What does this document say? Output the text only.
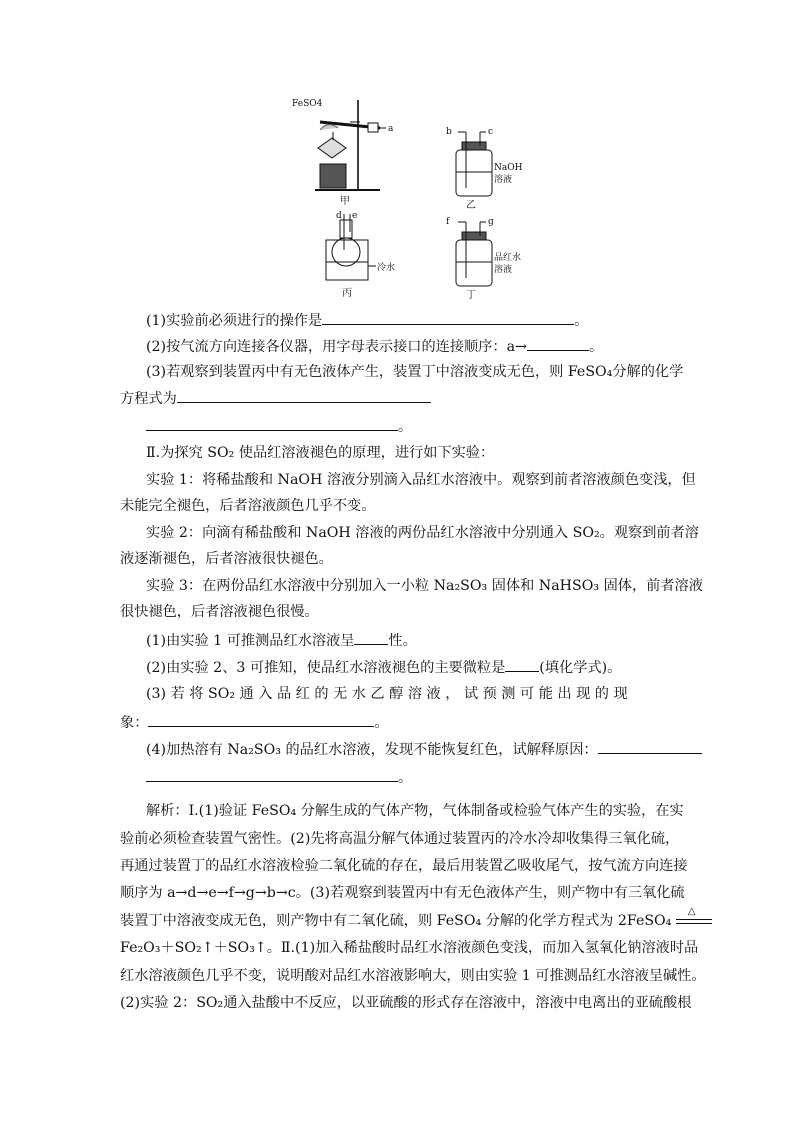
FeSO4
a
甲
b	c
NaOH
溶液
乙
d e
冷水
丙
f	g
品红水
溶液
丁
(1)实验前必须进行的操作是	。
(2)按气流方向连接各仪器，用字母表示接口的连接顺序：a→	。
(3)若观察到装置丙中有无色液体产生，装置丁中溶液变成无色，则 FeSO₄分解的化学
方程式为
。
Ⅱ.为探究 SO₂ 使品红溶液褪色的原理，进行如下实验：
实验 1：将稀盐酸和 NaOH 溶液分别滴入品红水溶液中。观察到前者溶液颜色变浅，但
未能完全褪色，后者溶液颜色几乎不变。
实验 2：向滴有稀盐酸和 NaOH 溶液的两份品红水溶液中分别通入 SO₂。观察到前者溶
液逐渐褪色，后者溶液很快褪色。
实验 3：在两份品红水溶液中分别加入一小粒 Na₂SO₃ 固体和 NaHSO₃ 固体，前者溶液
很快褪色，后者溶液褪色很慢。
(1)由实验 1 可推测品红水溶液呈 性。
(2)由实验 2、3 可推知，使品红水溶液褪色的主要微粒是 (填化学式)。
(3) 若 将 SO₂ 通 入 品 红 的 无 水 乙 醇 溶 液 ， 试 预 测 可 能 出 现 的 现
象：	。
(4)加热溶有 Na₂SO₃ 的品红水溶液，发现不能恢复红色，试解释原因：
。
解析：Ⅰ.(1)验证 FeSO₄ 分解生成的气体产物，气体制备或检验气体产生的实验，在实
验前必须检查装置气密性。(2)先将高温分解气体通过装置丙的冷水冷却收集得三氧化硫，
再通过装置丁的品红水溶液检验二氧化硫的存在，最后用装置乙吸收尾气，按气流方向连接
顺序为 a→d→e→f→g→b→c。(3)若观察到装置丙中有无色液体产生，则产物中有三氧化硫
装置丁中溶液变成无色，则产物中有二氧化硫，则 FeSO₄ 分解的化学方程式为 2FeSO₄
△
Fe₂O₃＋SO₂↑＋SO₃↑。Ⅱ.(1)加入稀盐酸时品红水溶液颜色变浅，而加入氢氧化钠溶液时品
红水溶液颜色几乎不变，说明酸对品红水溶液影响大，则由实验 1 可推测品红水溶液呈碱性。
(2)实验 2：SO₂通入盐酸中不反应，以亚硫酸的形式存在溶液中，溶液中电离出的亚硫酸根
